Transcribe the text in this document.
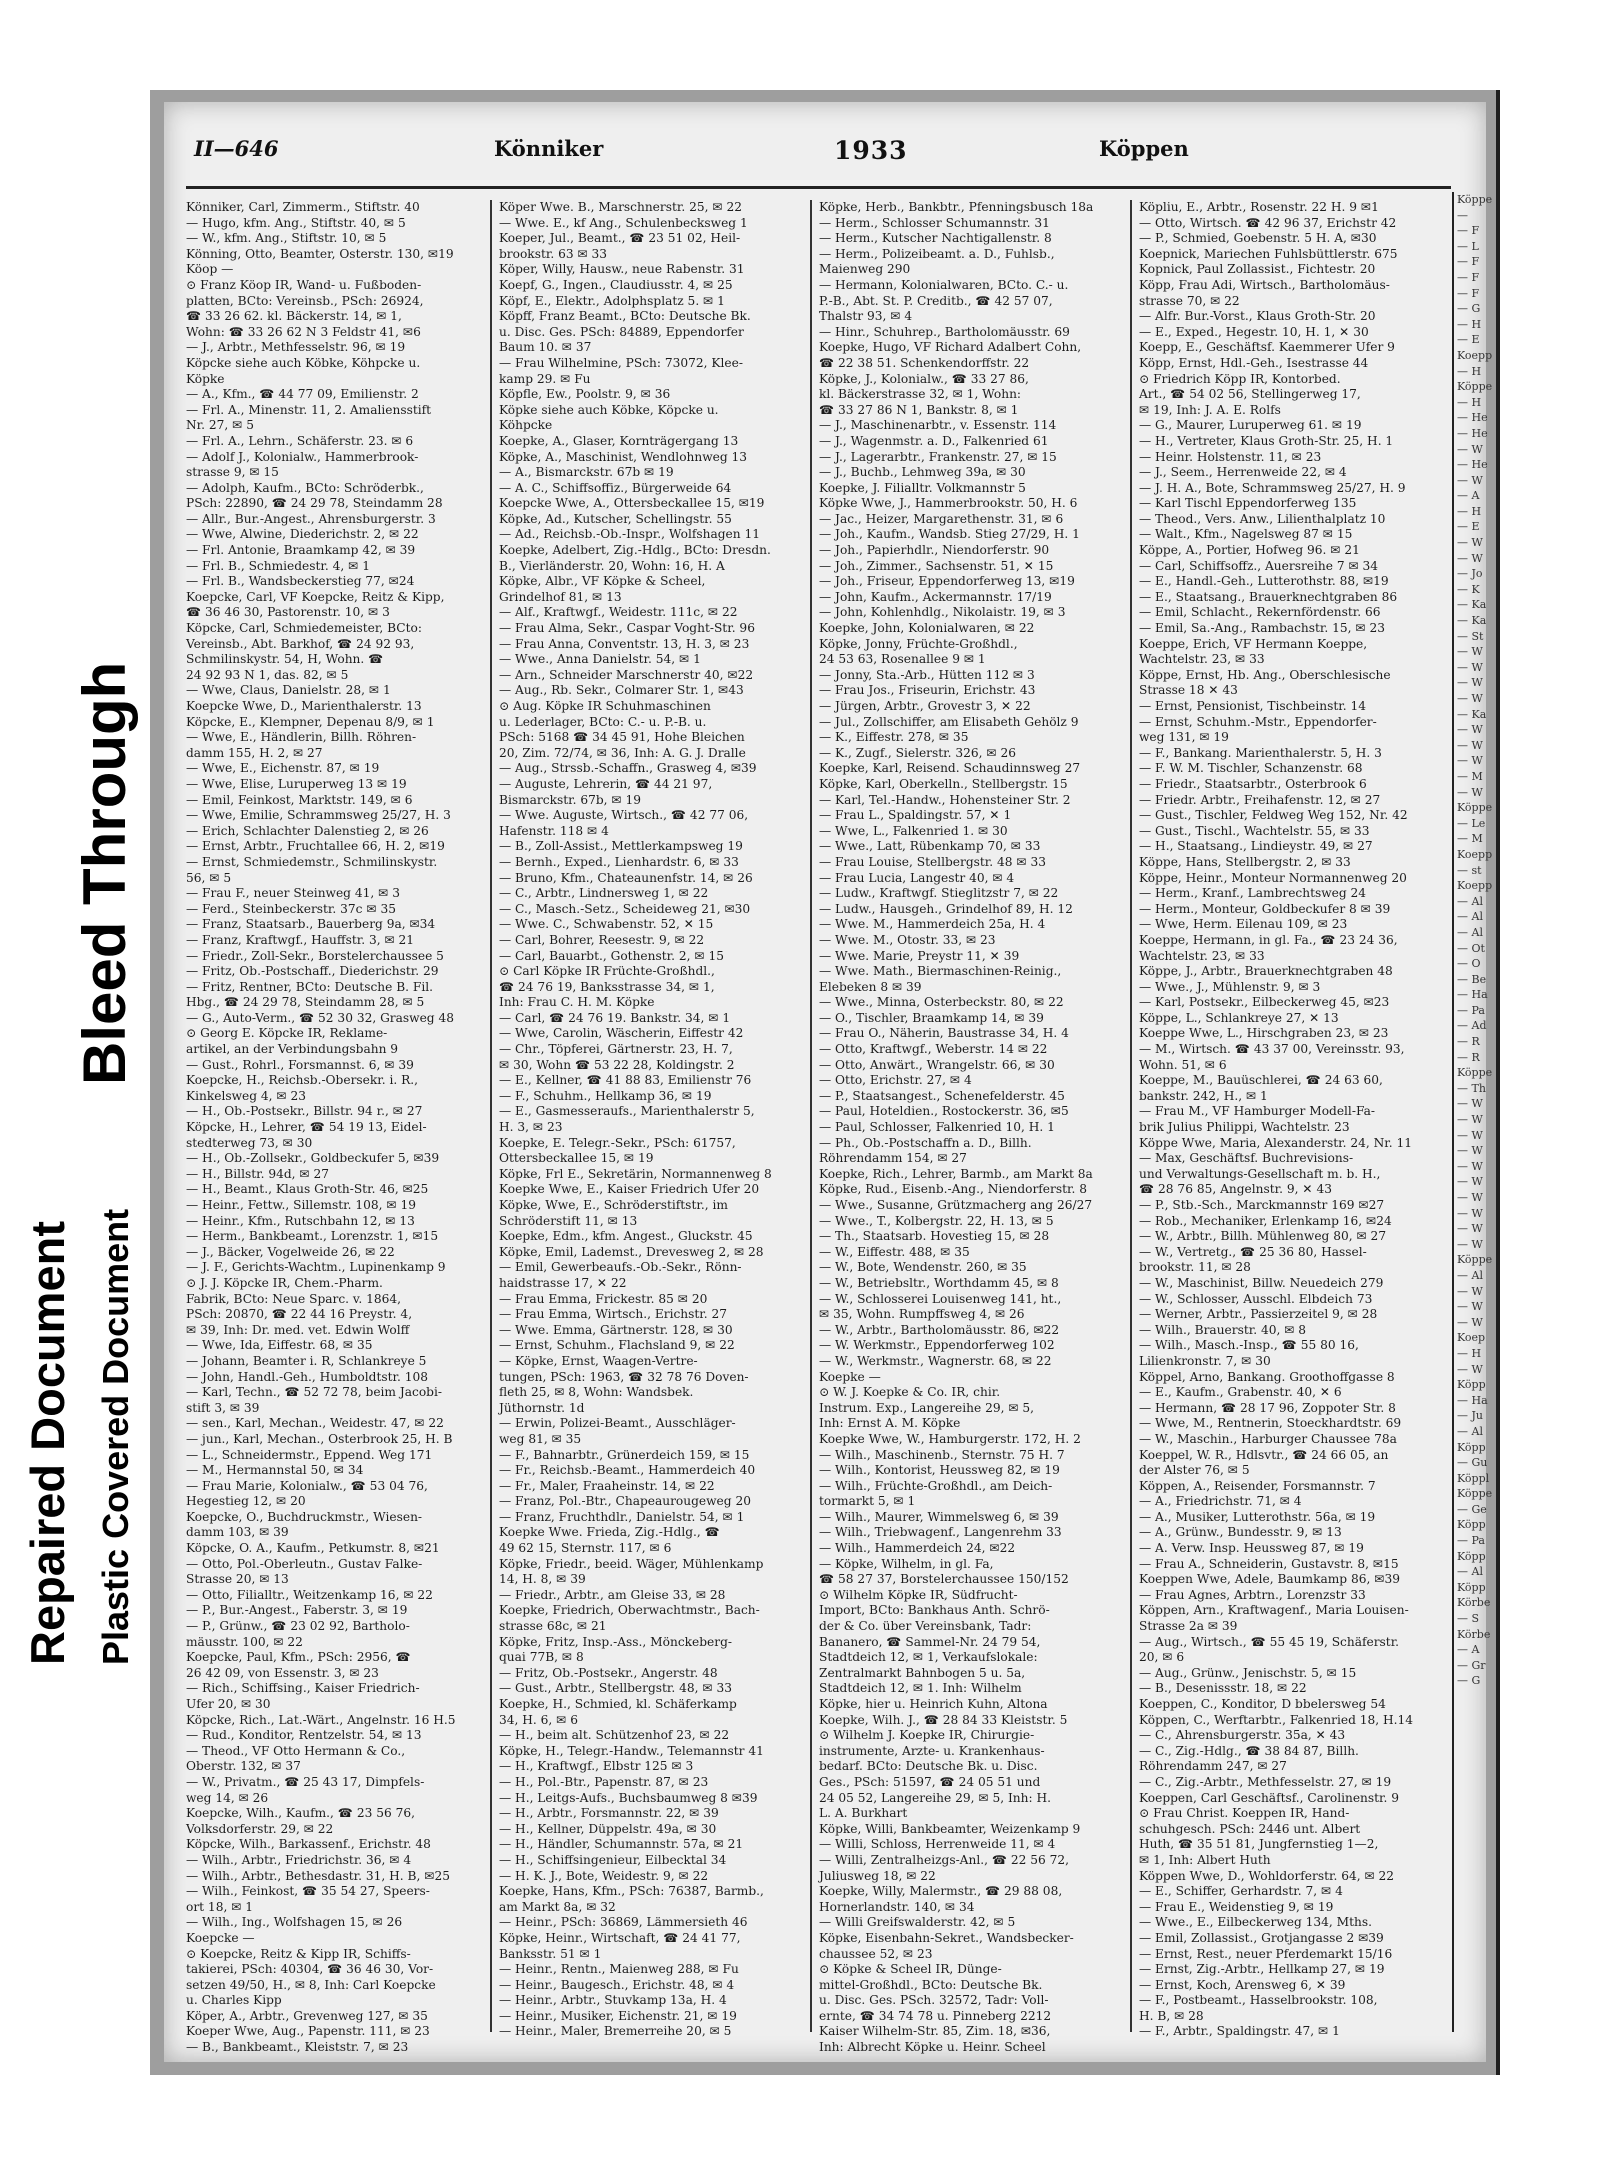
Repaired Document Plastic Covered Document
Bleed Through
II—646	Könniker	1933	Köppen
Könniker, Carl, Zimmerm., Stiftstr. 40
— Hugo, kfm. Ang., Stiftstr. 40, ✉ 5
— W., kfm. Ang., Stiftstr. 10, ✉ 5
Könning, Otto, Beamter, Osterstr. 130, ✉19
Köop —
⊙ Franz Köop IR, Wand- u. Fußboden-
platten, BCto: Vereinsb., PSch: 26924,
☎ 33 26 62. kl. Bäckerstr. 14, ✉ 1,
Wohn: ☎ 33 26 62 N 3 Feldstr 41, ✉6
— J., Arbtr., Methfesselstr. 96, ✉ 19
Köpcke siehe auch Köbke, Köhpcke u.
Köpke
— A., Kfm., ☎ 44 77 09, Emilienstr. 2
— Frl. A., Minenstr. 11, 2. Amaliensstift
Nr. 27, ✉ 5
— Frl. A., Lehrn., Schäferstr. 23. ✉ 6
— Adolf J., Kolonialw., Hammerbrook-
strasse 9, ✉ 15
— Adolph, Kaufm., BCto: Schröderbk.,
PSch: 22890, ☎ 24 29 78, Steindamm 28
— Allr., Bur.-Angest., Ahrensburgerstr. 3
— Wwe, Alwine, Diederichstr. 2, ✉ 22
— Frl. Antonie, Braamkamp 42, ✉ 39
— Frl. B., Schmiedestr. 4, ✉ 1
— Frl. B., Wandsbeckerstieg 77, ✉24
Koepcke, Carl, VF Koepcke, Reitz & Kipp,
☎ 36 46 30, Pastorenstr. 10, ✉ 3
Köpcke, Carl, Schmiedemeister, BCto:
Vereinsb., Abt. Barkhof, ☎ 24 92 93,
Schmilinskystr. 54, H, Wohn. ☎
24 92 93 N 1, das. 82, ✉ 5
— Wwe, Claus, Danielstr. 28, ✉ 1
Koepcke Wwe, D., Marienthalerstr. 13
Köpcke, E., Klempner, Depenau 8/9, ✉ 1
— Wwe, E., Händlerin, Billh. Röhren-
damm 155, H. 2, ✉ 27
— Wwe, E., Eichenstr. 87, ✉ 19
— Wwe, Elise, Luruperweg 13 ✉ 19
— Emil, Feinkost, Marktstr. 149, ✉ 6
— Wwe, Emilie, Schrammsweg 25/27, H. 3
— Erich, Schlachter Dalenstieg 2, ✉ 26
— Ernst, Arbtr., Fruchtallee 66, H. 2, ✉19
— Ernst, Schmiedemstr., Schmilinskystr.
56, ✉ 5
— Frau F., neuer Steinweg 41, ✉ 3
— Ferd., Steinbeckerstr. 37c ✉ 35
— Franz, Staatsarb., Bauerberg 9a, ✉34
— Franz, Kraftwgf., Hauffstr. 3, ✉ 21
— Friedr., Zoll-Sekr., Borstelerchaussee 5
— Fritz, Ob.-Postschaff., Diederichstr. 29
— Fritz, Rentner, BCto: Deutsche B. Fil.
Hbg., ☎ 24 29 78, Steindamm 28, ✉ 5
— G., Auto-Verm., ☎ 52 30 32, Grasweg 48
⊙ Georg E. Köpcke IR, Reklame-
artikel, an der Verbindungsbahn 9
— Gust., Rohrl., Forsmannst. 6, ✉ 39
Koepcke, H., Reichsb.-Obersekr. i. R.,
Kinkelsweg 4, ✉ 23
— H., Ob.-Postsekr., Billstr. 94 r., ✉ 27
Köpcke, H., Lehrer, ☎ 54 19 13, Eidel-
stedterweg 73, ✉ 30
— H., Ob.-Zollsekr., Goldbeckufer 5, ✉39
— H., Billstr. 94d, ✉ 27
— H., Beamt., Klaus Groth-Str. 46, ✉25
— Heinr., Fettw., Sillemstr. 108, ✉ 19
— Heinr., Kfm., Rutschbahn 12, ✉ 13
— Herm., Bankbeamt., Lorenzstr. 1, ✉15
— J., Bäcker, Vogelweide 26, ✉ 22
— J. F., Gerichts-Wachtm., Lupinenkamp 9
⊙ J. J. Köpcke IR, Chem.-Pharm.
Fabrik, BCto: Neue Sparc. v. 1864,
PSch: 20870, ☎ 22 44 16 Preystr. 4,
✉ 39, Inh: Dr. med. vet. Edwin Wolff
— Wwe, Ida, Eiffestr. 68, ✉ 35
— Johann, Beamter i. R, Schlankreye 5
— John, Handl.-Geh., Humboldtstr. 108
— Karl, Techn., ☎ 52 72 78, beim Jacobi-
stift 3, ✉ 39
— sen., Karl, Mechan., Weidestr. 47, ✉ 22
— jun., Karl, Mechan., Osterbrook 25, H. B
— L., Schneidermstr., Eppend. Weg 171
— M., Hermannstal 50, ✉ 34
— Frau Marie, Kolonialw., ☎ 53 04 76,
Hegestieg 12, ✉ 20
Koepcke, O., Buchdruckmstr., Wiesen-
damm 103, ✉ 39
Köpcke, O. A., Kaufm., Petkumstr. 8, ✉21
— Otto, Pol.-Oberleutn., Gustav Falke-
Strasse 20, ✉ 13
— Otto, Filialltr., Weitzenkamp 16, ✉ 22
— P., Bur.-Angest., Faberstr. 3, ✉ 19
— P., Grünw., ☎ 23 02 92, Bartholo-
mäusstr. 100, ✉ 22
Koepcke, Paul, Kfm., PSch: 2956, ☎
26 42 09, von Essenstr. 3, ✉ 23
— Rich., Schiffsing., Kaiser Friedrich-
Ufer 20, ✉ 30
Köpcke, Rich., Lat.-Wärt., Angelnstr. 16 H.5
— Rud., Konditor, Rentzelstr. 54, ✉ 13
— Theod., VF Otto Hermann & Co.,
Oberstr. 132, ✉ 37
— W., Privatm., ☎ 25 43 17, Dimpfels-
weg 14, ✉ 26
Koepcke, Wilh., Kaufm., ☎ 23 56 76,
Volksdorferstr. 29, ✉ 22
Köpcke, Wilh., Barkassenf., Erichstr. 48
— Wilh., Arbtr., Friedrichstr. 36, ✉ 4
— Wilh., Arbtr., Bethesdastr. 31, H. B, ✉25
— Wilh., Feinkost, ☎ 35 54 27, Speers-
ort 18, ✉ 1
— Wilh., Ing., Wolfshagen 15, ✉ 26
Koepcke —
⊙ Koepcke, Reitz & Kipp IR, Schiffs-
takierei, PSch: 40304, ☎ 36 46 30, Vor-
setzen 49/50, H., ✉ 8, Inh: Carl Koepcke
u. Charles Kipp
Köper, A., Arbtr., Grevenweg 127, ✉ 35
Koeper Wwe, Aug., Papenstr. 111, ✉ 23
— B., Bankbeamt., Kleiststr. 7, ✉ 23
Köper Wwe. B., Marschnerstr. 25, ✉ 22
— Wwe. E., kf Ang., Schulenbecksweg 1
Koeper, Jul., Beamt., ☎ 23 51 02, Heil-
brookstr. 63 ✉ 33
Köper, Willy, Hausw., neue Rabenstr. 31
Koepf, G., Ingen., Claudiusstr. 4, ✉ 25
Köpf, E., Elektr., Adolphsplatz 5. ✉ 1
Köpff, Franz Beamt., BCto: Deutsche Bk.
u. Disc. Ges. PSch: 84889, Eppendorfer
Baum 10. ✉ 37
— Frau Wilhelmine, PSch: 73072, Klee-
kamp 29. ✉ Fu
Köpfle, Ew., Poolstr. 9, ✉ 36
Köpke siehe auch Köbke, Köpcke u.
Köhpcke
Koepke, A., Glaser, Kornträgergang 13
Köpke, A., Maschinist, Wendlohnweg 13
— A., Bismarckstr. 67b ✉ 19
— A. C., Schiffsoffiz., Bürgerweide 64
Koepcke Wwe, A., Ottersbeckallee 15, ✉19
Köpke, Ad., Kutscher, Schellingstr. 55
— Ad., Reichsb.-Ob.-Inspr., Wolfshagen 11
Koepke, Adelbert, Zig.-Hdlg., BCto: Dresdn.
B., Vierländerstr. 20, Wohn: 16, H. A
Köpke, Albr., VF Köpke & Scheel,
Grindelhof 81, ✉ 13
— Alf., Kraftwgf., Weidestr. 111c, ✉ 22
— Frau Alma, Sekr., Caspar Voght-Str. 96
— Frau Anna, Conventstr. 13, H. 3, ✉ 23
— Wwe., Anna Danielstr. 54, ✉ 1
— Arn., Schneider Marschnerstr 40, ✉22
— Aug., Rb. Sekr., Colmarer Str. 1, ✉43
⊙ Aug. Köpke IR Schuhmaschinen
u. Lederlager, BCto: C.- u. P.-B. u.
PSch: 5168 ☎ 34 45 91, Hohe Bleichen
20, Zim. 72/74, ✉ 36, Inh: A. G. J. Dralle
— Aug., Strssb.-Schaffn., Grasweg 4, ✉39
— Auguste, Lehrerin, ☎ 44 21 97,
Bismarckstr. 67b, ✉ 19
— Wwe. Auguste, Wirtsch., ☎ 42 77 06,
Hafenstr. 118 ✉ 4
— B., Zoll-Assist., Mettlerkampsweg 19
— Bernh., Exped., Lienhardstr. 6, ✉ 33
— Bruno, Kfm., Chateaunenfstr. 14, ✉ 26
— C., Arbtr., Lindnersweg 1, ✉ 22
— C., Masch.-Setz., Scheideweg 21, ✉30
— Wwe. C., Schwabenstr. 52, ✕ 15
— Carl, Bohrer, Reesestr. 9, ✉ 22
— Carl, Bauarbt., Gothenstr. 2, ✉ 15
⊙ Carl Köpke IR Früchte-Großhdl.,
☎ 24 76 19, Banksstrasse 34, ✉ 1,
Inh: Frau C. H. M. Köpke
— Carl, ☎ 24 76 19. Bankstr. 34, ✉ 1
— Wwe, Carolin, Wäscherin, Eiffestr 42
— Chr., Töpferei, Gärtnerstr. 23, H. 7,
✉ 30, Wohn ☎ 53 22 28, Koldingstr. 2
— E., Kellner, ☎ 41 88 83, Emilienstr 76
— F., Schuhm., Hellkamp 36, ✉ 19
— E., Gasmesseraufs., Marienthalerstr 5,
H. 3, ✉ 23
Koepke, E. Telegr.-Sekr., PSch: 61757,
Ottersbeckallee 15, ✉ 19
Köpke, Frl E., Sekretärin, Normannenweg 8
Koepke Wwe, E., Kaiser Friedrich Ufer 20
Köpke, Wwe, E., Schröderstiftstr., im
Schröderstift 11, ✉ 13
Koepke, Edm., kfm. Angest., Gluckstr. 45
Köpke, Emil, Lademst., Drevesweg 2, ✉ 28
— Emil, Gewerbeaufs.-Ob.-Sekr., Rönn-
haidstrasse 17, ✕ 22
— Frau Emma, Frickestr. 85 ✉ 20
— Frau Emma, Wirtsch., Erichstr. 27
— Wwe. Emma, Gärtnerstr. 128, ✉ 30
— Ernst, Schuhm., Flachsland 9, ✉ 22
— Köpke, Ernst, Waagen-Vertre-
tungen, PSch: 1963, ☎ 32 78 76 Doven-
fleth 25, ✉ 8, Wohn: Wandsbek.
Jüthornstr. 1d
— Erwin, Polizei-Beamt., Ausschläger-
weg 81, ✉ 35
— F., Bahnarbtr., Grünerdeich 159, ✉ 15
— Fr., Reichsb.-Beamt., Hammerdeich 40
— Fr., Maler, Fraaheinstr. 14, ✉ 22
— Franz, Pol.-Btr., Chapeaurougeweg 20
— Franz, Fruchthdlr., Danielstr. 54, ✉ 1
Koepke Wwe. Frieda, Zig.-Hdlg., ☎
49 62 15, Sternstr. 117, ✉ 6
Köpke, Friedr., beeid. Wäger, Mühlenkamp
14, H. 8, ✉ 39
— Friedr., Arbtr., am Gleise 33, ✉ 28
Koepke, Friedrich, Oberwachtmstr., Bach-
strasse 68c, ✉ 21
Köpke, Fritz, Insp.-Ass., Mönckeberg-
quai 77B, ✉ 8
— Fritz, Ob.-Postsekr., Angerstr. 48
— Gust., Arbtr., Stellbergstr. 48, ✉ 33
Koepke, H., Schmied, kl. Schäferkamp
34, H. 6, ✉ 6
— H., beim alt. Schützenhof 23, ✉ 22
Köpke, H., Telegr.-Handw., Telemannstr 41
— H., Kraftwgf., Elbstr 125 ✉ 3
— H., Pol.-Btr., Papenstr. 87, ✉ 23
— H., Leitgs-Aufs., Buchsbaumweg 8 ✉39
— H., Arbtr., Forsmannstr. 22, ✉ 39
— H., Kellner, Düppelstr. 49a, ✉ 30
— H., Händler, Schumannstr. 57a, ✉ 21
— H., Schiffsingenieur, Eilbecktal 34
— H. K. J., Bote, Weidestr. 9, ✉ 22
Koepke, Hans, Kfm., PSch: 76387, Barmb.,
am Markt 8a, ✉ 32
— Heinr., PSch: 36869, Lämmersieth 46
Köpke, Heinr., Wirtschaft, ☎ 24 41 77,
Banksstr. 51 ✉ 1
— Heinr., Rentn., Maienweg 288, ✉ Fu
— Heinr., Baugesch., Erichstr. 48, ✉ 4
— Heinr., Arbtr., Stuvkamp 13a, H. 4
— Heinr., Musiker, Eichenstr. 21, ✉ 19
— Heinr., Maler, Bremerreihe 20, ✉ 5
Köpke, Herb., Bankbtr., Pfenningsbusch 18a
— Herm., Schlosser Schumannstr. 31
— Herm., Kutscher Nachtigallenstr. 8
— Herm., Polizeibeamt. a. D., Fuhlsb.,
Maienweg 290
— Hermann, Kolonialwaren, BCto. C.- u.
P.-B., Abt. St. P. Creditb., ☎ 42 57 07,
Thalstr 93, ✉ 4
— Hinr., Schuhrep., Bartholomäusstr. 69
Koepke, Hugo, VF Richard Adalbert Cohn,
☎ 22 38 51. Schenkendorffstr. 22
Köpke, J., Kolonialw., ☎ 33 27 86,
kl. Bäckerstrasse 32, ✉ 1, Wohn:
☎ 33 27 86 N 1, Bankstr. 8, ✉ 1
— J., Maschinenarbtr., v. Essenstr. 114
— J., Wagenmstr. a. D., Falkenried 61
— J., Lagerarbtr., Frankenstr. 27, ✉ 15
— J., Buchb., Lehmweg 39a, ✉ 30
Koepke, J. Filialltr. Volkmannstr 5
Köpke Wwe, J., Hammerbrookstr. 50, H. 6
— Jac., Heizer, Margarethenstr. 31, ✉ 6
— Joh., Kaufm., Wandsb. Stieg 27/29, H. 1
— Joh., Papierhdlr., Niendorferstr. 90
— Joh., Zimmer., Sachsenstr. 51, ✕ 15
— Joh., Friseur, Eppendorferweg 13, ✉19
— John, Kaufm., Ackermannstr. 17/19
— John, Kohlenhdlg., Nikolaistr. 19, ✉ 3
Koepke, John, Kolonialwaren, ✉ 22
Köpke, Jonny, Früchte-Großhdl.,
24 53 63, Rosenallee 9 ✉ 1
— Jonny, Sta.-Arb., Hütten 112 ✉ 3
— Frau Jos., Friseurin, Erichstr. 43
— Jürgen, Arbtr., Grovestr 3, ✕ 22
— Jul., Zollschiffer, am Elisabeth Gehölz 9
— K., Eiffestr. 278, ✉ 35
— K., Zugf., Sielerstr. 326, ✉ 26
Koepke, Karl, Reisend. Schaudinnsweg 27
Köpke, Karl, Oberkelln., Stellbergstr. 15
— Karl, Tel.-Handw., Hohensteiner Str. 2
— Frau L., Spaldingstr. 57, ✕ 1
— Wwe, L., Falkenried 1. ✉ 30
— Wwe., Latt, Rübenkamp 70, ✉ 33
— Frau Louise, Stellbergstr. 48 ✉ 33
— Frau Lucia, Langestr 40, ✉ 4
— Ludw., Kraftwgf. Stieglitzstr 7, ✉ 22
— Ludw., Hausgeh., Grindelhof 89, H. 12
— Wwe. M., Hammerdeich 25a, H. 4
— Wwe. M., Otostr. 33, ✉ 23
— Wwe. Marie, Preystr 11, ✕ 39
— Wwe. Math., Biermaschinen-Reinig.,
Elebeken 8 ✉ 39
— Wwe., Minna, Osterbeckstr. 80, ✉ 22
— O., Tischler, Braamkamp 14, ✉ 39
— Frau O., Näherin, Baustrasse 34, H. 4
— Otto, Kraftwgf., Weberstr. 14 ✉ 22
— Otto, Anwärt., Wrangelstr. 66, ✉ 30
— Otto, Erichstr. 27, ✉ 4
— P., Staatsangest., Schenefelderstr. 45
— Paul, Hoteldien., Rostockerstr. 36, ✉5
— Paul, Schlosser, Falkenried 10, H. 1
— Ph., Ob.-Postschaffn a. D., Billh.
Röhrendamm 154, ✉ 27
Koepke, Rich., Lehrer, Barmb., am Markt 8a
Köpke, Rud., Eisenb.-Ang., Niendorferstr. 8
— Wwe., Susanne, Grützmacherg ang 26/27
— Wwe., T., Kolbergstr. 22, H. 13, ✉ 5
— Th., Staatsarb. Hovestieg 15, ✉ 28
— W., Eiffestr. 488, ✉ 35
— W., Bote, Wendenstr. 260, ✉ 35
— W., Betriebsltr., Worthdamm 45, ✉ 8
— W., Schlosserei Louisenweg 141, ht.,
✉ 35, Wohn. Rumpffsweg 4, ✉ 26
— W., Arbtr., Bartholomäusstr. 86, ✉22
— W. Werkmstr., Eppendorferweg 102
— W., Werkmstr., Wagnerstr. 68, ✉ 22
Koepke —
⊙ W. J. Koepke & Co. IR, chir.
Instrum. Exp., Langereihe 29, ✉ 5,
Inh: Ernst A. M. Köpke
Koepke Wwe, W., Hamburgerstr. 172, H. 2
— Wilh., Maschinenb., Sternstr. 75 H. 7
— Wilh., Kontorist, Heussweg 82, ✉ 19
— Wilh., Früchte-Großhdl., am Deich-
tormarkt 5, ✉ 1
— Wilh., Maurer, Wimmelsweg 6, ✉ 39
— Wilh., Triebwagenf., Langenrehm 33
— Wilh., Hammerdeich 24, ✉22
— Köpke, Wilhelm, in gl. Fa,
☎ 58 27 37, Borstelerchaussee 150/152
⊙ Wilhelm Köpke IR, Südfrucht-
Import, BCto: Bankhaus Anth. Schrö-
der & Co. über Vereinsbank, Tadr:
Bananero, ☎ Sammel-Nr. 24 79 54,
Stadtdeich 12, ✉ 1, Verkaufslokale:
Zentralmarkt Bahnbogen 5 u. 5a,
Stadtdeich 12, ✉ 1. Inh: Wilhelm
Köpke, hier u. Heinrich Kuhn, Altona
Koepke, Wilh. J., ☎ 28 84 33 Kleiststr. 5
⊙ Wilhelm J. Koepke IR, Chirurgie-
instrumente, Arzte- u. Krankenhaus-
bedarf. BCto: Deutsche Bk. u. Disc.
Ges., PSch: 51597, ☎ 24 05 51 und
24 05 52, Langereihe 29, ✉ 5, Inh: H.
L. A. Burkhart
Köpke, Willi, Bankbeamter, Weizenkamp 9
— Willi, Schloss, Herrenweide 11, ✉ 4
— Willi, Zentralheizgs-Anl., ☎ 22 56 72,
Juliusweg 18, ✉ 22
Koepke, Willy, Malermstr., ☎ 29 88 08,
Hornerlandstr. 140, ✉ 34
— Willi Greifswalderstr. 42, ✉ 5
Köpke, Eisenbahn-Sekret., Wandsbecker-
chaussee 52, ✉ 23
⊙ Köpke & Scheel IR, Dünge-
mittel-Großhdl., BCto: Deutsche Bk.
u. Disc. Ges. PSch. 32572, Tadr: Voll-
ernte, ☎ 34 74 78 u. Pinneberg 2212
Kaiser Wilhelm-Str. 85, Zim. 18, ✉36,
Inh: Albrecht Köpke u. Heinr. Scheel
Köpliu, E., Arbtr., Rosenstr. 22 H. 9 ✉1
— Otto, Wirtsch. ☎ 42 96 37, Erichstr 42
— P., Schmied, Goebenstr. 5 H. A, ✉30
Koepnick, Mariechen Fuhlsbüttlerstr. 675
Kopnick, Paul Zollassist., Fichtestr. 20
Köpp, Frau Adi, Wirtsch., Bartholomäus-
strasse 70, ✉ 22
— Alfr. Bur.-Vorst., Klaus Groth-Str. 20
— E., Exped., Hegestr. 10, H. 1, ✕ 30
Koepp, E., Geschäftsf. Kaemmerer Ufer 9
Köpp, Ernst, Hdl.-Geh., Isestrasse 44
⊙ Friedrich Köpp IR, Kontorbed.
Art., ☎ 54 02 56, Stellingerweg 17,
✉ 19, Inh: J. A. E. Rolfs
— G., Maurer, Luruperweg 61. ✉ 19
— H., Vertreter, Klaus Groth-Str. 25, H. 1
— Heinr. Holstenstr. 11, ✉ 23
— J., Seem., Herrenweide 22, ✉ 4
— J. H. A., Bote, Schrammsweg 25/27, H. 9
— Karl Tischl Eppendorferweg 135
— Theod., Vers. Anw., Lilienthalplatz 10
— Walt., Kfm., Nagelsweg 87 ✉ 15
Köppe, A., Portier, Hofweg 96. ✉ 21
— Carl, Schiffsoffz., Auersreihe 7 ✉ 34
— E., Handl.-Geh., Lutterothstr. 88, ✉19
— E., Staatsang., Brauerknechtgraben 86
— Emil, Schlacht., Rekernfördenstr. 66
— Emil, Sa.-Ang., Rambachstr. 15, ✉ 23
Koeppe, Erich, VF Hermann Koeppe,
Wachtelstr. 23, ✉ 33
Köppe, Ernst, Hb. Ang., Oberschlesische
Strasse 18 ✕ 43
— Ernst, Pensionist, Tischbeinstr. 14
— Ernst, Schuhm.-Mstr., Eppendorfer-
weg 131, ✉ 19
— F., Bankang. Marienthalerstr. 5, H. 3
— F. W. M. Tischler, Schanzenstr. 68
— Friedr., Staatsarbtr., Osterbrook 6
— Friedr. Arbtr., Freihafenstr. 12, ✉ 27
— Gust., Tischler, Feldweg Weg 152, Nr. 42
— Gust., Tischl., Wachtelstr. 55, ✉ 33
— H., Staatsang., Lindieystr. 49, ✉ 27
Köppe, Hans, Stellbergstr. 2, ✉ 33
Köppe, Heinr., Monteur Normannenweg 20
— Herm., Kranf., Lambrechtsweg 24
— Herm., Monteur, Goldbeckufer 8 ✉ 39
— Wwe, Herm. Eilenau 109, ✉ 23
Koeppe, Hermann, in gl. Fa., ☎ 23 24 36,
Wachtelstr. 23, ✉ 33
Köppe, J., Arbtr., Brauerknechtgraben 48
— Wwe., J., Mühlenstr. 9, ✉ 3
— Karl, Postsekr., Eilbeckerweg 45, ✉23
Köppe, L., Schlankreye 27, ✕ 13
Koeppe Wwe, L., Hirschgraben 23, ✉ 23
— M., Wirtsch. ☎ 43 37 00, Vereinsstr. 93,
Wohn. 51, ✉ 6
Koeppe, M., Bauüschlerei, ☎ 24 63 60,
bankstr. 242, H., ✉ 1
— Frau M., VF Hamburger Modell-Fa-
brik Julius Philippi, Wachtelstr. 23
Köppe Wwe, Maria, Alexanderstr. 24, Nr. 11
— Max, Geschäftsf. Buchrevisions-
und Verwaltungs-Gesellschaft m. b. H.,
☎ 28 76 85, Angelnstr. 9, ✕ 43
— P., Stb.-Sch., Marckmannstr 169 ✉27
— Rob., Mechaniker, Erlenkamp 16, ✉24
— W., Arbtr., Billh. Mühlenweg 80, ✉ 27
— W., Vertretg., ☎ 25 36 80, Hassel-
brookstr. 11, ✉ 28
— W., Maschinist, Billw. Neuedeich 279
— W., Schlosser, Ausschl. Elbdeich 73
— Werner, Arbtr., Passierzeitel 9, ✉ 28
— Wilh., Brauerstr. 40, ✉ 8
— Wilh., Masch.-Insp., ☎ 55 80 16,
Lilienkronstr. 7, ✉ 30
Köppel, Arno, Bankang. Groothoffgasse 8
— E., Kaufm., Grabenstr. 40, ✕ 6
— Hermann, ☎ 28 17 96, Zoppoter Str. 8
— Wwe, M., Rentnerin, Stoeckhardtstr. 69
— W., Maschin., Harburger Chaussee 78a
Koeppel, W. R., Hdlsvtr., ☎ 24 66 05, an
der Alster 76, ✉ 5
Köppen, A., Reisender, Forsmannstr. 7
— A., Friedrichstr. 71, ✉ 4
— A., Musiker, Lutterothstr. 56a, ✉ 19
— A., Grünw., Bundesstr. 9, ✉ 13
— A. Verw. Insp. Heussweg 87, ✉ 19
— Frau A., Schneiderin, Gustavstr. 8, ✉15
Koeppen Wwe, Adele, Baumkamp 86, ✉39
— Frau Agnes, Arbtrn., Lorenzstr 33
Köppen, Arn., Kraftwagenf., Maria Louisen-
Strasse 2a ✉ 39
— Aug., Wirtsch., ☎ 55 45 19, Schäferstr.
20, ✉ 6
— Aug., Grünw., Jenischstr. 5, ✉ 15
— B., Desenissstr. 18, ✉ 22
Koeppen, C., Konditor, D bbelersweg 54
Köppen, C., Werftarbtr., Falkenried 18, H.14
— C., Ahrensburgerstr. 35a, ✕ 43
— C., Zig.-Hdlg., ☎ 38 84 87, Billh.
Röhrendamm 247, ✉ 27
— C., Zig.-Arbtr., Methfesselstr. 27, ✉ 19
Koeppen, Carl Geschäftsf., Carolinenstr. 9
⊙ Frau Christ. Koeppen IR, Hand-
schuhgesch. PSch: 2446 unt. Albert
Huth, ☎ 35 51 81, Jungfernstieg 1—2,
✉ 1, Inh: Albert Huth
Köppen Wwe, D., Wohldorferstr. 64, ✉ 22
— E., Schiffer, Gerhardstr. 7, ✉ 4
— Frau E., Weidenstieg 9, ✉ 19
— Wwe., E., Eilbeckerweg 134, Mths.
— Emil, Zollassist., Grotjangasse 2 ✉39
— Ernst, Rest., neuer Pferdemarkt 15/16
— Ernst, Zig.-Arbtr., Hellkamp 27, ✉ 19
— Ernst, Koch, Arensweg 6, ✕ 39
— F., Postbeamt., Hasselbrookstr. 108,
H. B, ✉ 28
— F., Arbtr., Spaldingstr. 47, ✉ 1
Köppe
—
— F
— L
— F
— F
— F
— G
— H
— E
Koepp
— H
Köppe
— H
— He
— He
— W
— He
— W
— A
— H
— E
— W
— W
— Jo
— K
— Ka
— Ka
— St
— W
— W
— W
— W
— Ka
— W
— W
— W
— M
— W
Köppe
— Le
— M
Koepp
— st
Koepp
— Al
— Al
— Al
— Ot
— O
— Be
— Ha
— Pa
— Ad
— R
— R
Köppe
— Th
— W
— W
— W
— W
— W
— W
— W
— W
— W
— W
Köppe
— Al
— W
— W
— W
Koep
— H
— W
Köpp
— Ha
— Ju
— Al
Köpp
— Gu
Köppl
Köppe
— Ge
Köpp
— Pa
Köpp
— Al
Köpp
Körbe
— S
Körbe
— A
— Gr
— G
